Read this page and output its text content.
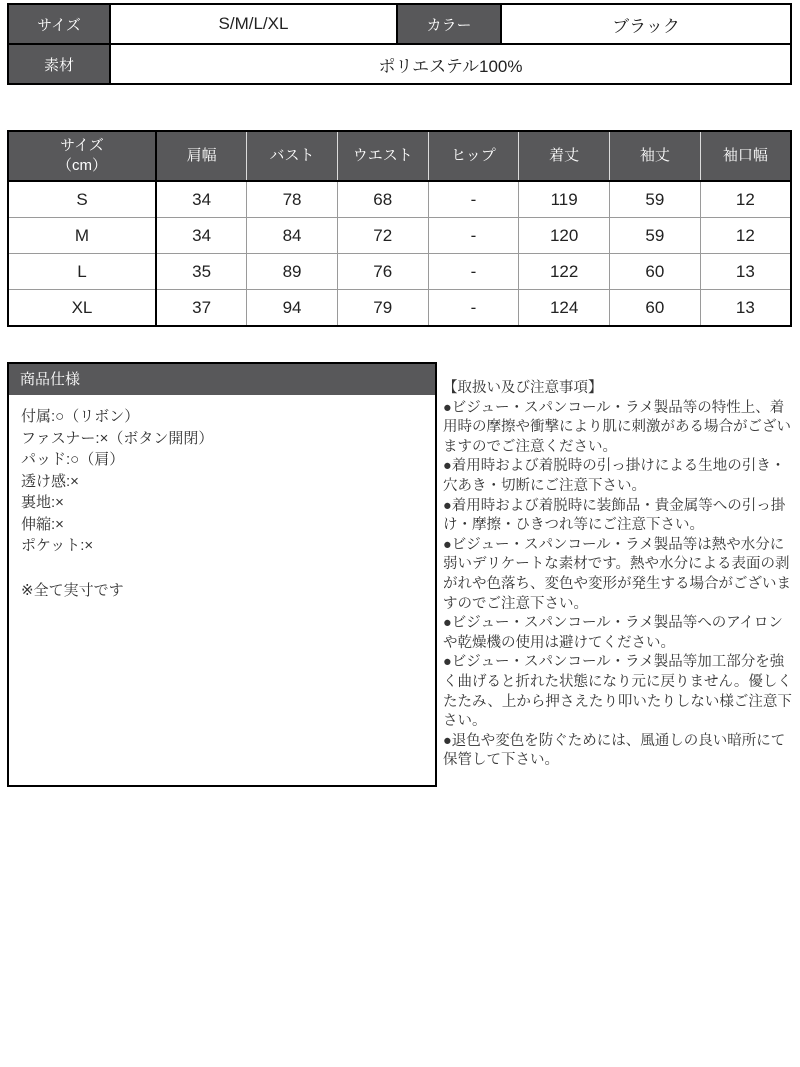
サイズ	S/M/L/XL	カラー	ブラック
素材	ポリエステル100%		
サイズ
（cm）	肩幅	バスト	ウエスト	ヒップ	着丈	袖丈	袖口幅
S	34	78	68	-	119	59	12
M	34	84	72	-	120	59	12
L	35	89	76	-	122	60	13
XL	37	94	79	-	124	60	13
商品仕様

付属:○（リボン）

ファスナー:×（ボタン開閉）

パッド:○（肩）

透け感:×

裏地:×

伸縮:×

ポケット:×

※全て実寸です

【取扱い及び注意事項】

●ビジュー・スパンコール・ラメ製品等の特性上、着用時の摩擦や衝撃により肌に刺激がある場合がございますのでご注意ください。

●着用時および着脱時の引っ掛けによる生地の引き・穴あき・切断にご注意下さい。

●着用時および着脱時に装飾品・貴金属等への引っ掛け・摩擦・ひきつれ等にご注意下さい。

●ビジュー・スパンコール・ラメ製品等は熱や水分に弱いデリケートな素材です。熱や水分による表面の剥がれや色落ち、変色や変形が発生する場合がございますのでご注意下さい。

●ビジュー・スパンコール・ラメ製品等へのアイロンや乾燥機の使用は避けてください。

●ビジュー・スパンコール・ラメ製品等加工部分を強く曲げると折れた状態になり元に戻りません。優しくたたみ、上から押さえたり叩いたりしない様ご注意下さい。

●退色や変色を防ぐためには、風通しの良い暗所にて保管して下さい。
